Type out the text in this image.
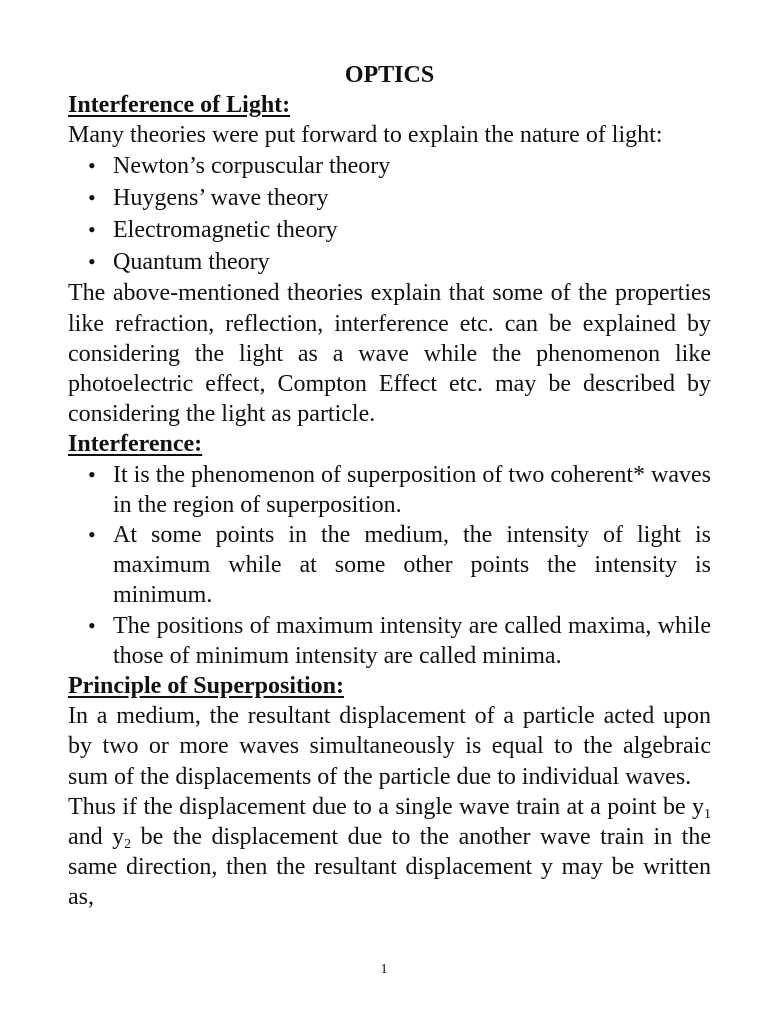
OPTICS

Interference of Light:

Many theories were put forward to explain the nature of light:

• Newton’s corpuscular theory
• Huygens’ wave theory
• Electromagnetic theory
• Quantum theory

The above-mentioned theories explain that some of the properties like refraction, reflection, interference etc. can be explained by considering the light as a wave while the phenomenon like photoelectric effect, Compton Effect etc. may be described by considering the light as particle.

Interference:

• It is the phenomenon of superposition of two coherent* waves in the region of superposition.
• At some points in the medium, the intensity of light is maximum while at some other points the intensity is minimum.
• The positions of maximum intensity are called maxima, while those of minimum intensity are called minima.

Principle of Superposition:

In a medium, the resultant displacement of a particle acted upon by two or more waves simultaneously is equal to the algebraic sum of the displacements of the particle due to individual waves.

Thus if the displacement due to a single wave train at a point be $y_1$ and $y_2$ be the displacement due to the another wave train in the same direction, then the resultant displacement y may be written as,

1
